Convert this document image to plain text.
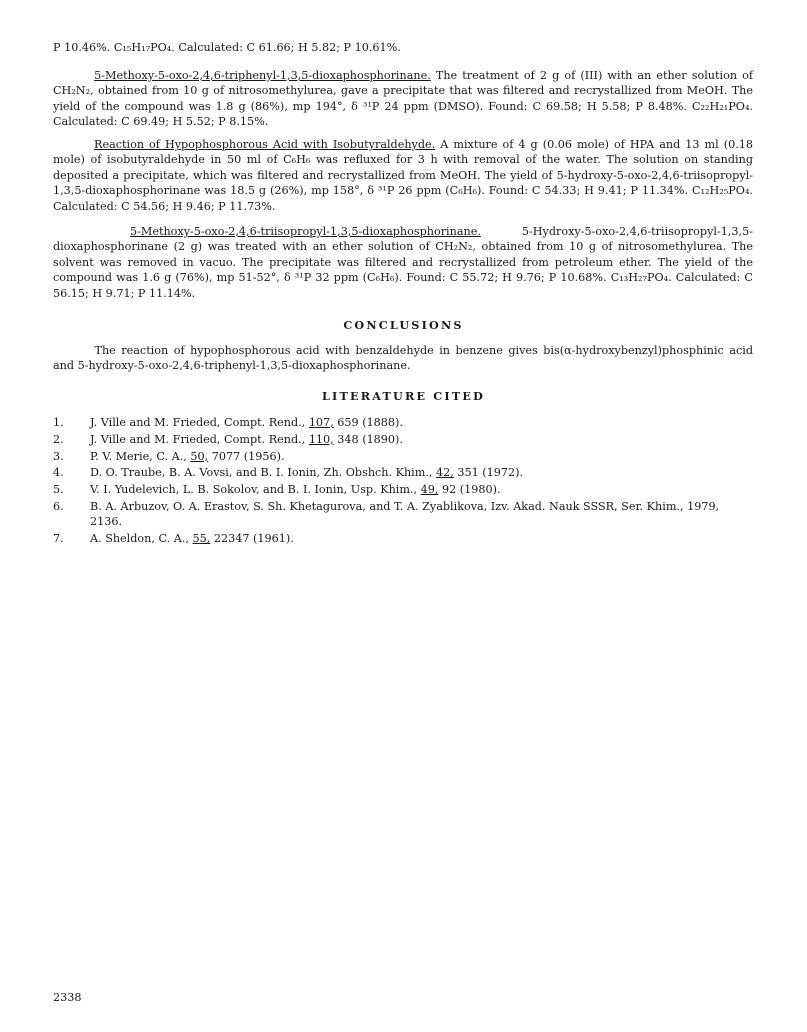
P 10.46%. C₁₅H₁₇PO₄. Calculated: C 61.66; H 5.82; P 10.61%.

5-Methoxy-5-oxo-2,4,6-triphenyl-1,3,5-dioxaphosphorinane. The treatment of 2 g of (III) with an ether solution of CH₂N₂, obtained from 10 g of nitrosomethylurea, gave a precipitate that was filtered and recrystallized from MeOH. The yield of the compound was 1.8 g (86%), mp 194°, δ ³¹P 24 ppm (DMSO). Found: C 69.58; H 5.58; P 8.48%. C₂₂H₂₁PO₄. Calculated: C 69.49; H 5.52; P 8.15%.

Reaction of Hypophosphorous Acid with Isobutyraldehyde. A mixture of 4 g (0.06 mole) of HPA and 13 ml (0.18 mole) of isobutyraldehyde in 50 ml of C₆H₆ was refluxed for 3 h with removal of the water. The solution on standing deposited a precipitate, which was filtered and recrystallized from MeOH. The yield of 5-hydroxy-5-oxo-2,4,6-triisopropyl-1,3,5-dioxaphosphorinane was 18.5 g (26%), mp 158°, δ ³¹P 26 ppm (C₆H₆). Found: C 54.33; H 9.41; P 11.34%. C₁₂H₂₅PO₄. Calculated: C 54.56; H 9.46; P 11.73%.

5-Methoxy-5-oxo-2,4,6-triisopropyl-1,3,5-dioxaphosphorinane. 5-Hydroxy-5-oxo-2,4,6-triisopropyl-1,3,5-dioxaphosphorinane (2 g) was treated with an ether solution of CH₂N₂, obtained from 10 g of nitrosomethylurea. The solvent was removed in vacuo. The precipitate was filtered and recrystallized from petroleum ether. The yield of the compound was 1.6 g (76%), mp 51-52°, δ ³¹P 32 ppm (C₆H₆). Found: C 55.72; H 9.76; P 10.68%. C₁₃H₂₇PO₄. Calculated: C 56.15; H 9.71; P 11.14%.

CONCLUSIONS

The reaction of hypophosphorous acid with benzaldehyde in benzene gives bis(α-hydroxybenzyl)phosphinic acid and 5-hydroxy-5-oxo-2,4,6-triphenyl-1,3,5-dioxaphosphorinane.

LITERATURE CITED
1. J. Ville and M. Frieded, Compt. Rend., 107, 659 (1888).
2. J. Ville and M. Frieded, Compt. Rend., 110, 348 (1890).
3. P. V. Merie, C. A., 50, 7077 (1956).
4. D. O. Traube, B. A. Vovsi, and B. I. Ionin, Zh. Obshch. Khim., 42, 351 (1972).
5. V. I. Yudelevich, L. B. Sokolov, and B. I. Ionin, Usp. Khim., 49, 92 (1980).
6. B. A. Arbuzov, O. A. Erastov, S. Sh. Khetagurova, and T. A. Zyablikova, Izv. Akad. Nauk SSSR, Ser. Khim., 1979, 2136.
7. A. Sheldon, C. A., 55, 22347 (1961).
2338
